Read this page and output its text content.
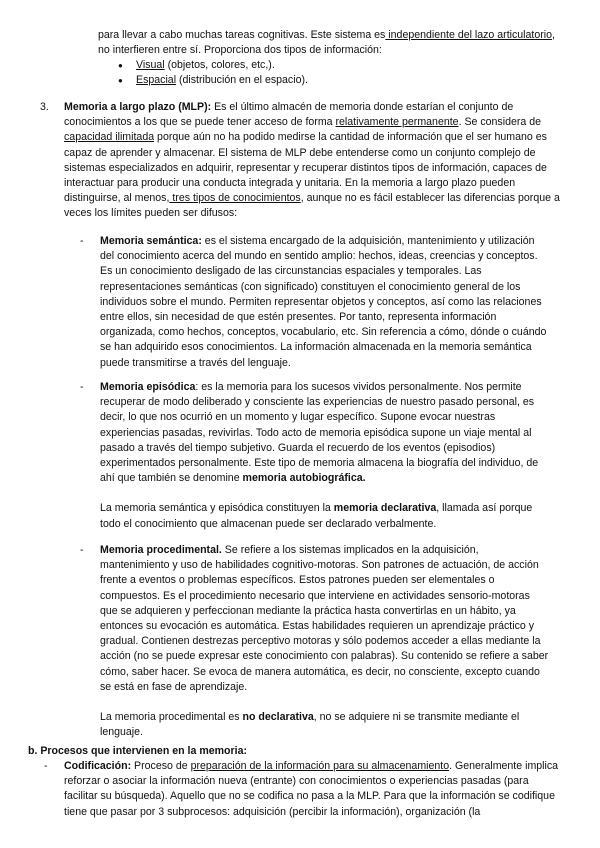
para llevar a cabo muchas tareas cognitivas. Este sistema es independiente del lazo articulatorio, no interfieren entre sí. Proporciona dos tipos de información:

● Visual (objetos, colores, etc,).
● Espacial (distribución en el espacio).
3.	Memoria a largo plazo (MLP): Es el último almacén de memoria donde estarían el conjunto de conocimientos a los que se puede tener acceso de forma relativamente permanente. Se considera de capacidad ilimitada porque aún no ha podido medirse la cantidad de información que el ser humano es capaz de aprender y almacenar. El sistema de MLP debe entenderse como un conjunto complejo de sistemas especializados en adquirir, representar y recuperar distintos tipos de información, capaces de interactuar para producir una conducta integrada y unitaria. En la memoria a largo plazo pueden distinguirse, al menos, tres tipos de conocimientos, aunque no es fácil establecer las diferencias porque a veces los límites pueden ser difusos:

- Memoria semántica: es el sistema encargado de la adquisición, mantenimiento y utilización del conocimiento acerca del mundo en sentido amplio: hechos, ideas, creencias y conceptos. Es un conocimiento desligado de las circunstancias espaciales y temporales. Las representaciones semánticas (con significado) constituyen el conocimiento general de los individuos sobre el mundo. Permiten representar objetos y conceptos, así como las relaciones entre ellos, sin necesidad de que estén presentes. Por tanto, representa información organizada, como hechos, conceptos, vocabulario, etc. Sin referencia a cómo, dónde o cuándo se han adquirido esos conocimientos. La información almacenada en la memoria semántica puede transmitirse a través del lenguaje.

- Memoria episódica: es la memoria para los sucesos vividos personalmente. Nos permite recuperar de modo deliberado y consciente las experiencias de nuestro pasado personal, es decir, lo que nos ocurrió en un momento y lugar específico. Supone evocar nuestras experiencias pasadas, revivirlas. Todo acto de memoria episódica supone un viaje mental al pasado a través del tiempo subjetivo. Guarda el recuerdo de los eventos (episodios) experimentados personalmente. Este tipo de memoria almacena la biografía del individuo, de ahí que también se denomine memoria autobiográfica.

La memoria semántica y episódica constituyen la memoria declarativa, llamada así porque todo el conocimiento que almacenan puede ser declarado verbalmente.

- Memoria procedimental. Se refiere a los sistemas implicados en la adquisición, mantenimiento y uso de habilidades cognitivo-motoras. Son patrones de actuación, de acción frente a eventos o problemas específicos. Estos patrones pueden ser elementales o compuestos. Es el procedimiento necesario que interviene en actividades sensorio-motoras que se adquieren y perfeccionan mediante la práctica hasta convertirlas en un hábito, ya entonces su evocación es automática. Estas habilidades requieren un aprendizaje práctico y gradual. Contienen destrezas perceptivo motoras y sólo podemos acceder a ellas mediante la acción (no se puede expresar este conocimiento con palabras). Su contenido se refiere a saber cómo, saber hacer. Se evoca de manera automática, es decir, no consciente, excepto cuando se está en fase de aprendizaje.

La memoria procedimental es no declarativa, no se adquiere ni se transmite mediante el lenguaje.

b. Procesos que intervienen en la memoria:

- Codificación: Proceso de preparación de la información para su almacenamiento. Generalmente implica reforzar o asociar la información nueva (entrante) con conocimientos o experiencias pasadas (para facilitar su búsqueda). Aquello que no se codifica no pasa a la MLP. Para que la información se codifique tiene que pasar por 3 subprocesos: adquisición (percibir la información), organización (la
